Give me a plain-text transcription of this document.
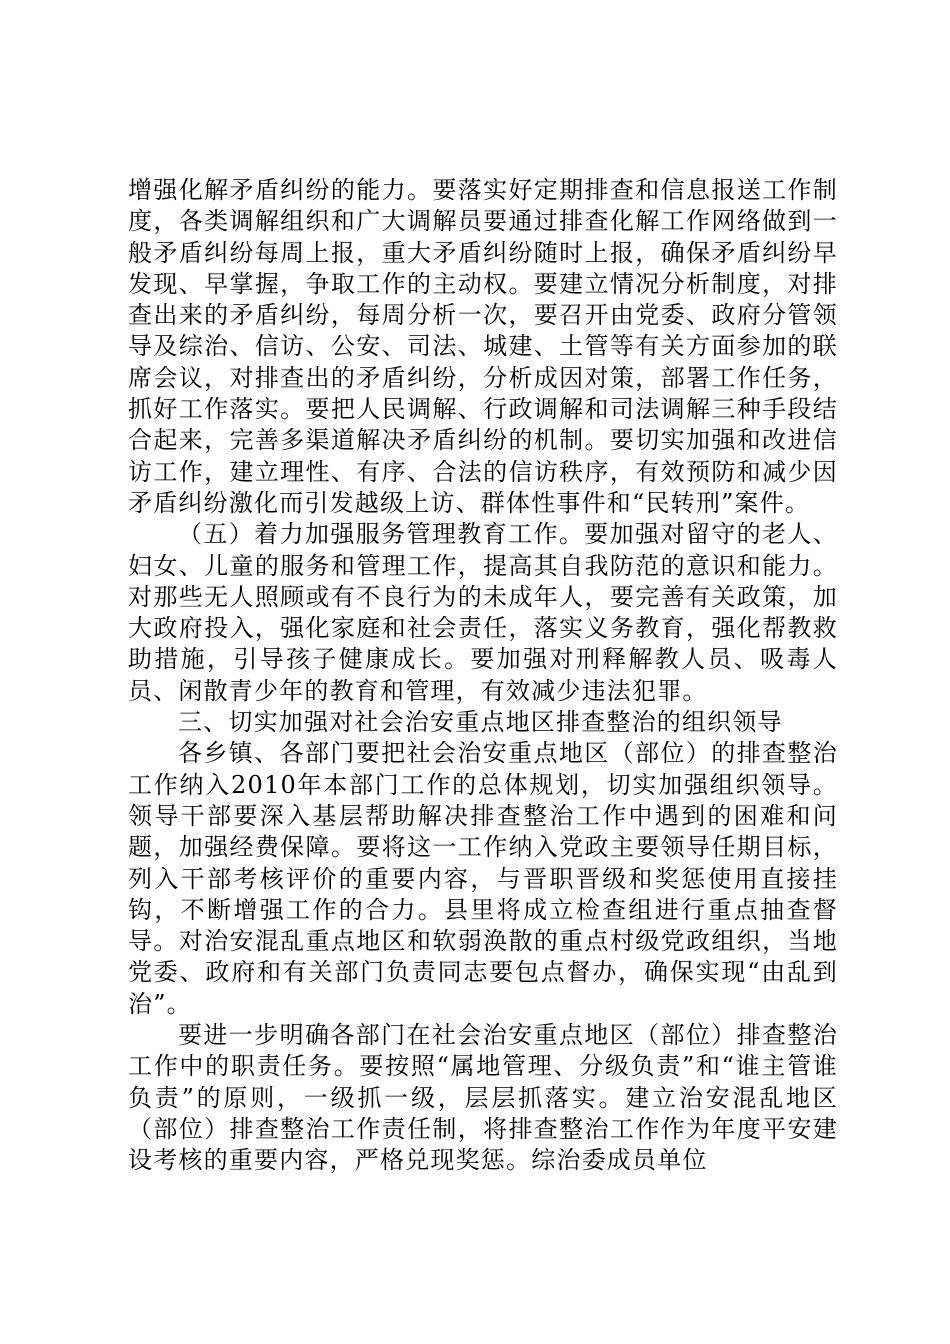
增强化解矛盾纠纷的能力。要落实好定期排查和信息报送工作制度，各类调解组织和广大调解员要通过排查化解工作网络做到一般矛盾纠纷每周上报，重大矛盾纠纷随时上报，确保矛盾纠纷早发现、早掌握，争取工作的主动权。要建立情况分析制度，对排查出来的矛盾纠纷，每周分析一次，要召开由党委、政府分管领导及综治、信访、公安、司法、城建、土管等有关方面参加的联席会议，对排查出的矛盾纠纷，分析成因对策，部署工作任务，抓好工作落实。要把人民调解、行政调解和司法调解三种手段结合起来，完善多渠道解决矛盾纠纷的机制。要切实加强和改进信访工作，建立理性、有序、合法的信访秩序，有效预防和减少因矛盾纠纷激化而引发越级上访、群体性事件和“民转刑”案件。

（五）着力加强服务管理教育工作。要加强对留守的老人、妇女、儿童的服务和管理工作，提高其自我防范的意识和能力。对那些无人照顾或有不良行为的未成年人，要完善有关政策，加大政府投入，强化家庭和社会责任，落实义务教育，强化帮教救助措施，引导孩子健康成长。要加强对刑释解教人员、吸毒人员、闲散青少年的教育和管理，有效减少违法犯罪。

三、切实加强对社会治安重点地区排查整治的组织领导

各乡镇、各部门要把社会治安重点地区（部位）的排查整治工作纳入2010年本部门工作的总体规划，切实加强组织领导。领导干部要深入基层帮助解决排查整治工作中遇到的困难和问题，加强经费保障。要将这一工作纳入党政主要领导任期目标，列入干部考核评价的重要内容，与晋职晋级和奖惩使用直接挂钩，不断增强工作的合力。县里将成立检查组进行重点抽查督导。对治安混乱重点地区和软弱涣散的重点村级党政组织，当地党委、政府和有关部门负责同志要包点督办，确保实现“由乱到治”。

要进一步明确各部门在社会治安重点地区（部位）排查整治工作中的职责任务。要按照“属地管理、分级负责”和“谁主管谁负责”的原则，一级抓一级，层层抓落实。建立治安混乱地区（部位）排查整治工作责任制，将排查整治工作作为年度平安建设考核的重要内容，严格兑现奖惩。综治委成员单位
